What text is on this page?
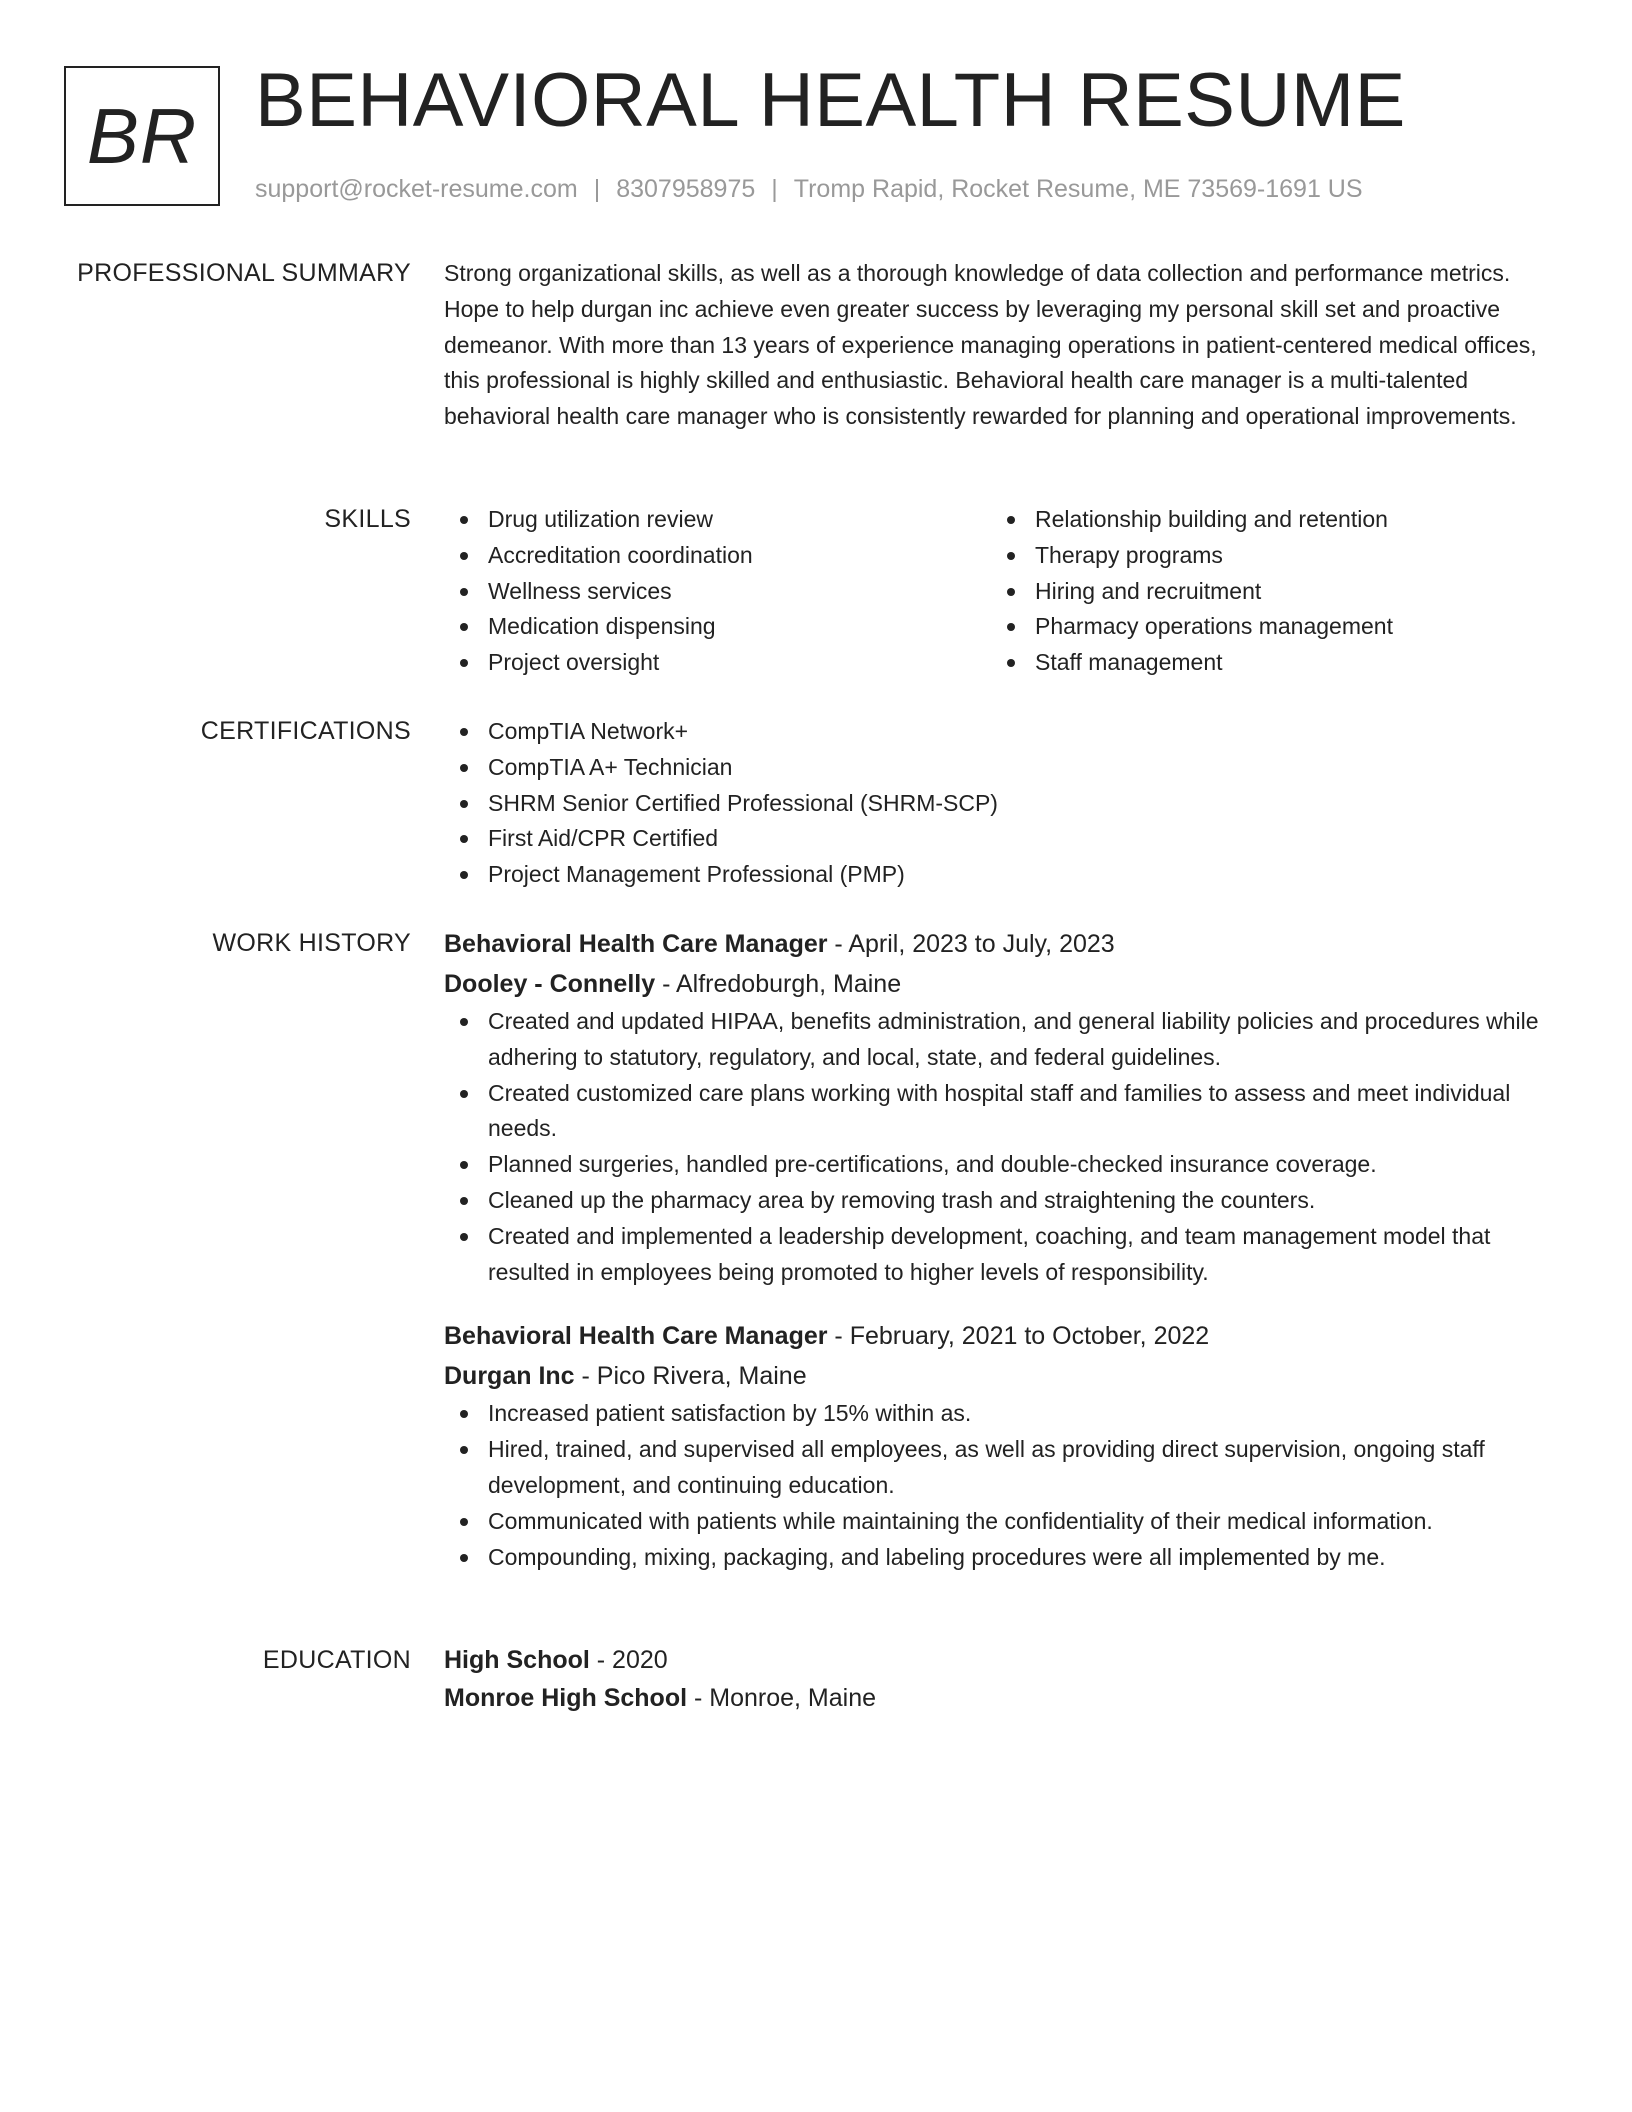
BR BEHAVIORAL HEALTH RESUME
support@rocket-resume.com | 8307958975 | Tromp Rapid, Rocket Resume, ME 73569-1691 US
PROFESSIONAL SUMMARY Strong organizational skills, as well as a thorough knowledge of data collection and performance metrics. Hope to help durgan inc achieve even greater success by leveraging my personal skill set and proactive demeanor. With more than 13 years of experience managing operations in patient-centered medical offices, this professional is highly skilled and enthusiastic. Behavioral health care manager is a multi-talented behavioral health care manager who is consistently rewarded for planning and operational improvements.

SKILLS	Drug utilization review
Accreditation coordination
Wellness services
Medication dispensing
Project oversight
Relationship building and retention
Therapy programs
Hiring and recruitment
Pharmacy operations management
Staff management
CERTIFICATIONS	CompTIA Network+
CompTIA A+ Technician
SHRM Senior Certified Professional (SHRM-SCP)
First Aid/CPR Certified
Project Management Professional (PMP)
WORK HISTORY Behavioral Health Care Manager - April, 2023 to July, 2023
Dooley - Connelly - Alfredoburgh, Maine
Created and updated HIPAA, benefits administration, and general liability policies and procedures while adhering to statutory, regulatory, and local, state, and federal guidelines.
Created customized care plans working with hospital staff and families to assess and meet individual needs.
Planned surgeries, handled pre-certifications, and double-checked insurance coverage.
Cleaned up the pharmacy area by removing trash and straightening the counters.
Created and implemented a leadership development, coaching, and team management model that resulted in employees being promoted to higher levels of responsibility.
Behavioral Health Care Manager - February, 2021 to October, 2022
Durgan Inc - Pico Rivera, Maine
Increased patient satisfaction by 15% within as.
Hired, trained, and supervised all employees, as well as providing direct supervision, ongoing staff development, and continuing education.
Communicated with patients while maintaining the confidentiality of their medical information.
Compounding, mixing, packaging, and labeling procedures were all implemented by me.
EDUCATION High School - 2020
Monroe High School - Monroe, Maine
